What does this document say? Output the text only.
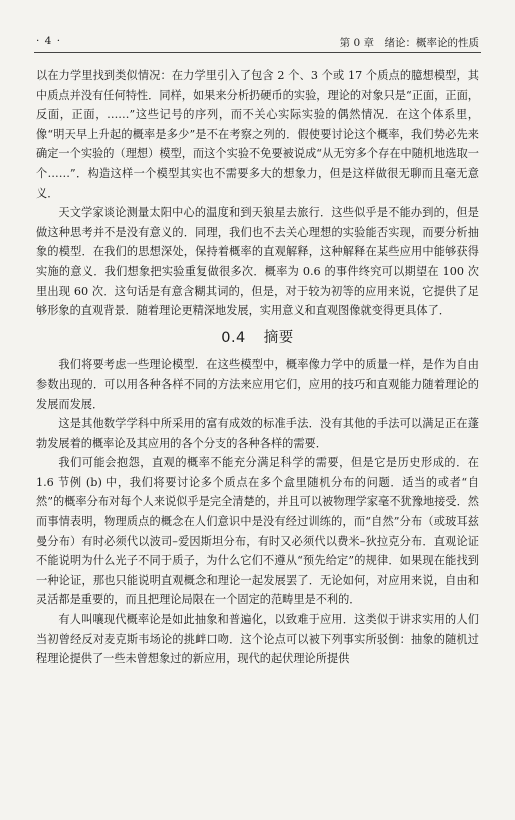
· 4 ·	第 0 章　绪论：概率论的性质

以在力学里找到类似情况：在力学里引入了包含 2 个、3 个或 17 个质点的臆想模型，其中质点并没有任何特性．同样，如果来分析扔硬币的实验，理论的对象只是“正面，正面，反面，正面，……”这些记号的序列，而不关心实际实验的偶然情况．在这个体系里，像“明天早上升起的概率是多少”是不在考察之列的．假使要讨论这个概率，我们势必先来确定一个实验的（理想）模型，而这个实验不免要被说成“从无穷多个存在中随机地选取一个……”．构造这样一个模型其实也不需要多大的想象力，但是这样做很无聊而且毫无意义．

天文学家谈论测量太阳中心的温度和到天狼星去旅行．这些似乎是不能办到的，但是做这种思考并不是没有意义的．同理，我们也不去关心理想的实验能否实现，而要分析抽象的模型．在我们的思想深处，保持着概率的直观解释，这种解释在某些应用中能够获得实施的意义．我们想象把实验重复做很多次．概率为 0.6 的事件终究可以期望在 100 次里出现 60 次．这句话是有意含糊其词的，但是，对于较为初等的应用来说，它提供了足够形象的直观背景．随着理论更精深地发展，实用意义和直观图像就变得更具体了．

0.4 摘要

我们将要考虑一些理论模型．在这些模型中，概率像力学中的质量一样，是作为自由参数出现的．可以用各种各样不同的方法来应用它们，应用的技巧和直观能力随着理论的发展而发展．

这是其他数学学科中所采用的富有成效的标准手法．没有其他的手法可以满足正在蓬勃发展着的概率论及其应用的各个分支的各种各样的需要．

我们可能会抱怨，直观的概率不能充分满足科学的需要，但是它是历史形成的．在 1.6 节例 (b) 中，我们将要讨论多个质点在多个盒里随机分布的问题．适当的或者“自然”的概率分布对每个人来说似乎是完全清楚的，并且可以被物理学家毫不犹豫地接受．然而事情表明，物理质点的概念在人们意识中是没有经过训练的，而“自然”分布（或玻耳兹曼分布）有时必须代以波司–爱因斯坦分布，有时又必须代以费米–狄拉克分布．直观论证不能说明为什么光子不同于质子，为什么它们不遵从“预先给定”的规律．如果现在能找到一种论证，那也只能说明直观概念和理论一起发展罢了．无论如何，对应用来说，自由和灵活都是重要的，而且把理论局限在一个固定的范畴里是不利的．

有人叫嚷现代概率论是如此抽象和普遍化，以致难于应用．这类似于讲求实用的人们当初曾经反对麦克斯韦场论的挑衅口吻．这个论点可以被下列事实所驳倒：抽象的随机过程理论提供了一些未曾想象过的新应用，现代的起伏理论所提供
